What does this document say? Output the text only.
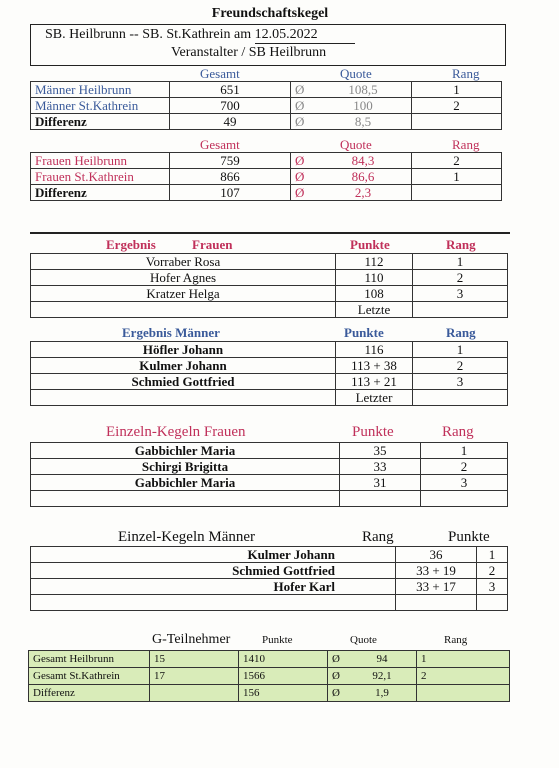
Freundschaftskegel
SB. Heilbrunn -- SB. St.Kathrein am 12.05.2022
Veranstalter / SB Heilbrunn
Gesamt	Quote	Rang
Männer Heilbrunn	651	Ø	108,5	1
Männer St.Kathrein	700	Ø	100	2
Differenz	49	Ø	8,5	
Gesamt	Quote	Rang
Frauen Heilbrunn	759	Ø	84,3	2
Frauen St.Kathrein	866	Ø	86,6	1
Differenz	107	Ø	2,3	
Ergebnis	Frauen	Punkte	Rang
Vorraber Rosa	112	1
Hofer Agnes	110	2
Kratzer Helga	108	3
	Letzte	
Ergebnis Männer	Punkte	Rang
Höfler Johann	116	1
Kulmer Johann	113 + 38	2
Schmied Gottfried	113 + 21	3
	Letzter	
Einzeln-Kegeln Frauen	Punkte	Rang
Gabbichler Maria	35	1
Schirgi Brigitta	33	2
Gabbichler Maria	31	3

Einzel-Kegeln Männer	Rang	Punkte
Kulmer Johann	36	1
Schmied Gottfried	33 + 19	2
Hofer Karl	33 + 17	3

G-Teilnehmer	Punkte	Quote	Rang
Gesamt Heilbrunn	15	1410	Ø	94	1
Gesamt St.Kathrein	17	1566	Ø	92,1	2
Differenz		156	Ø	1,9	
